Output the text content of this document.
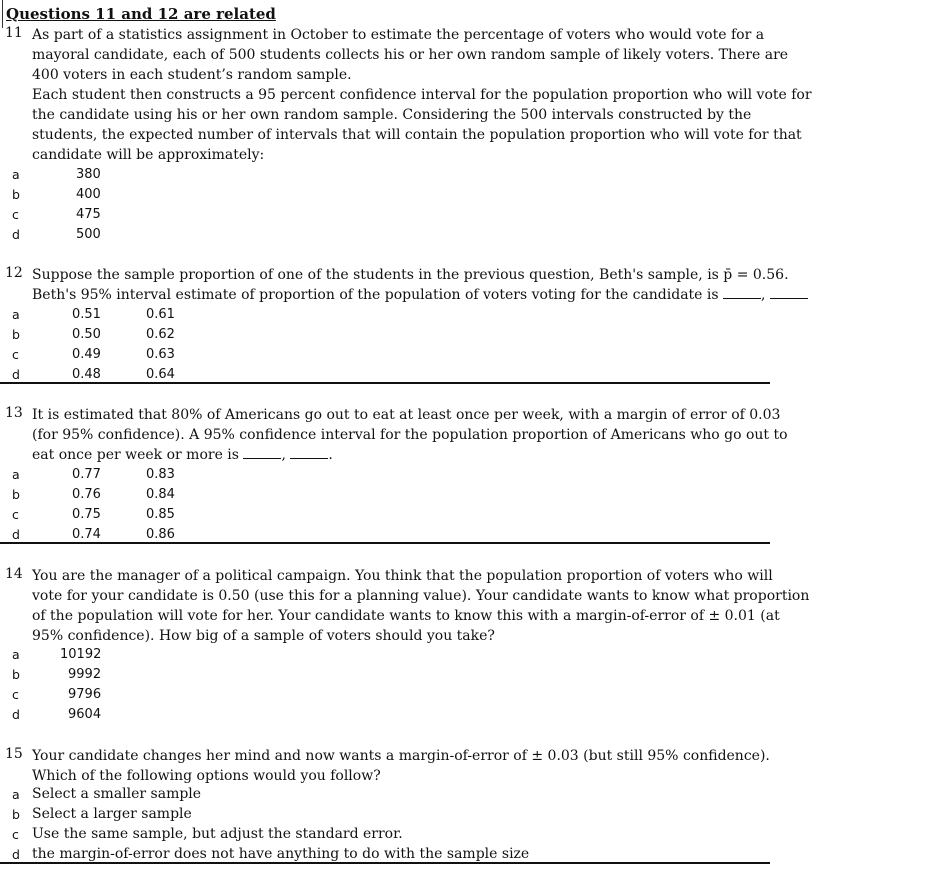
Questions 11 and 12 are related
11 As part of a statistics assignment in October to estimate the percentage of voters who would vote for a
mayoral candidate, each of 500 students collects his or her own random sample of likely voters. There are
400 voters in each student’s random sample.
Each student then constructs a 95 percent confidence interval for the population proportion who will vote for
the candidate using his or her own random sample. Considering the 500 intervals constructed by the
students, the expected number of intervals that will contain the population proportion who will vote for that
candidate will be approximately:
a	380
b	400
c	475
d	500
12 Suppose the sample proportion of one of the students in the previous question, Beth's sample, is p̄ = 0.56.
Beth's 95% interval estimate of proportion of the population of voters voting for the candidate is	,
a	0.51	0.61
b	0.50	0.62
c	0.49	0.63
d	0.48	0.64
13 It is estimated that 80% of Americans go out to eat at least once per week, with a margin of error of 0.03
(for 95% confidence). A 95% confidence interval for the population proportion of Americans who go out to
eat once per week or more is	,	.
a	0.77	0.83
b	0.76	0.84
c	0.75	0.85
d	0.74	0.86
14 You are the manager of a political campaign. You think that the population proportion of voters who will
vote for your candidate is 0.50 (use this for a planning value). Your candidate wants to know what proportion
of the population will vote for her. Your candidate wants to know this with a margin-of-error of ± 0.01 (at
95% confidence). How big of a sample of voters should you take?
a	10192
b	9992
c	9796
d	9604
15 Your candidate changes her mind and now wants a margin-of-error of ± 0.03 (but still 95% confidence).
Which of the following options would you follow?
a Select a smaller sample
b Select a larger sample
c Use the same sample, but adjust the standard error.
d the margin-of-error does not have anything to do with the sample size
